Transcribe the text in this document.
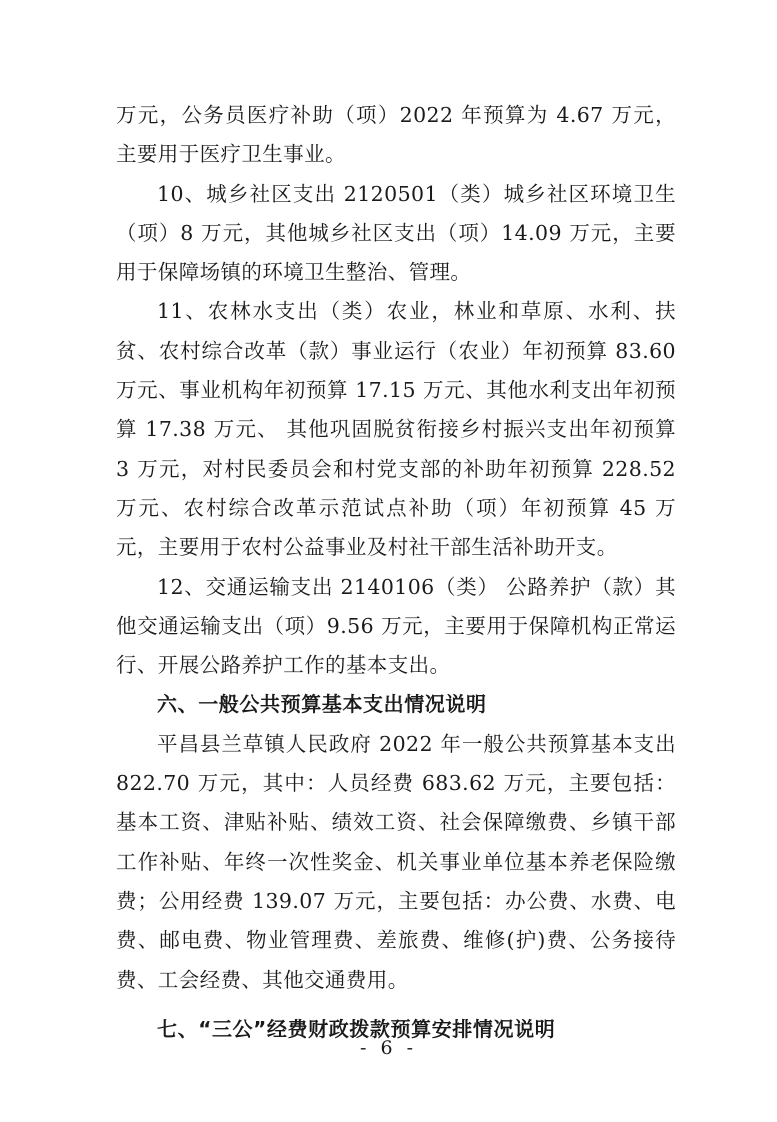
万元，公务员医疗补助（项）2022 年预算为 4.67 万元，主要用于医疗卫生事业。

10、城乡社区支出 2120501（类）城乡社区环境卫生（项）8 万元，其他城乡社区支出（项）14.09 万元，主要用于保障场镇的环境卫生整治、管理。

11、农林水支出（类）农业，林业和草原、水利、扶贫、农村综合改革（款）事业运行（农业）年初预算 83.60 万元、事业机构年初预算 17.15 万元、其他水利支出年初预算 17.38 万元、 其他巩固脱贫衔接乡村振兴支出年初预算 3 万元，对村民委员会和村党支部的补助年初预算 228.52 万元、农村综合改革示范试点补助（项）年初预算 45 万元，主要用于农村公益事业及村社干部生活补助开支。

12、交通运输支出 2140106（类） 公路养护（款）其他交通运输支出（项）9.56 万元，主要用于保障机构正常运行、开展公路养护工作的基本支出。

六、一般公共预算基本支出情况说明

平昌县兰草镇人民政府 2022 年一般公共预算基本支出 822.70 万元，其中：人员经费 683.62 万元，主要包括：基本工资、津贴补贴、绩效工资、社会保障缴费、乡镇干部工作补贴、年终一次性奖金、机关事业单位基本养老保险缴费；公用经费 139.07 万元，主要包括：办公费、水费、电费、邮电费、物业管理费、差旅费、维修(护)费、公务接待费、工会经费、其他交通费用。

七、“三公”经费财政拨款预算安排情况说明
- 6 -
